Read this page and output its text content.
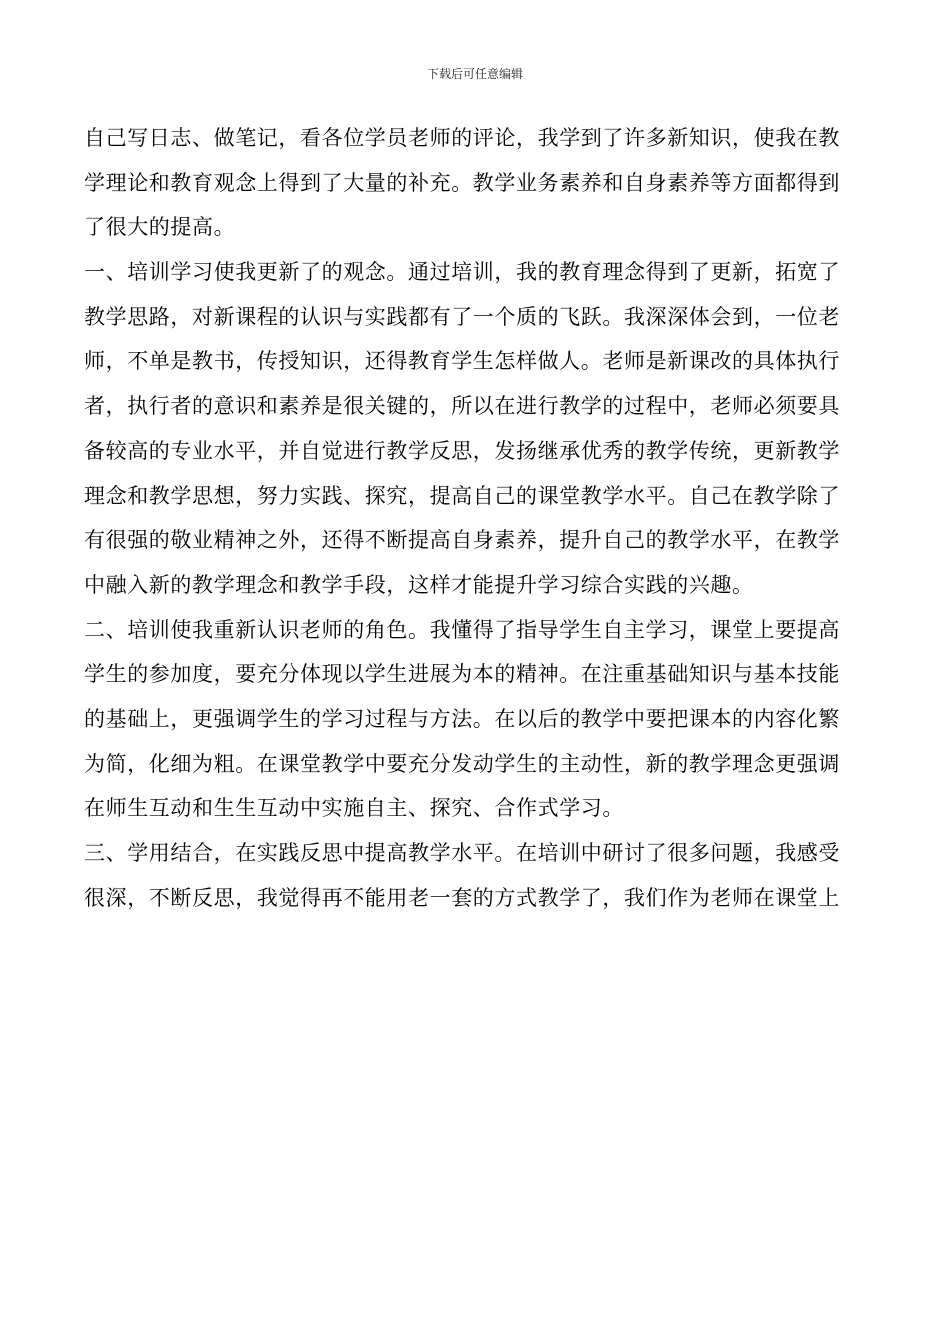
下载后可任意编辑
自己写日志、做笔记，看各位学员老师的评论，我学到了许多新知识，使我在教
学理论和教育观念上得到了大量的补充。教学业务素养和自身素养等方面都得到
了很大的提高。
一、培训学习使我更新了的观念。通过培训，我的教育理念得到了更新，拓宽了
教学思路，对新课程的认识与实践都有了一个质的飞跃。我深深体会到，一位老
师，不单是教书，传授知识，还得教育学生怎样做人。老师是新课改的具体执行
者，执行者的意识和素养是很关键的，所以在进行教学的过程中，老师必须要具
备较高的专业水平，并自觉进行教学反思，发扬继承优秀的教学传统，更新教学
理念和教学思想，努力实践、探究，提高自己的课堂教学水平。自己在教学除了
有很强的敬业精神之外，还得不断提高自身素养，提升自己的教学水平，在教学
中融入新的教学理念和教学手段，这样才能提升学习综合实践的兴趣。
二、培训使我重新认识老师的角色。我懂得了指导学生自主学习，课堂上要提高
学生的参加度，要充分体现以学生进展为本的精神。在注重基础知识与基本技能
的基础上，更强调学生的学习过程与方法。在以后的教学中要把课本的内容化繁
为简，化细为粗。在课堂教学中要充分发动学生的主动性，新的教学理念更强调
在师生互动和生生互动中实施自主、探究、合作式学习。
三、学用结合，在实践反思中提高教学水平。在培训中研讨了很多问题，我感受
很深，不断反思，我觉得再不能用老一套的方式教学了，我们作为老师在课堂上
